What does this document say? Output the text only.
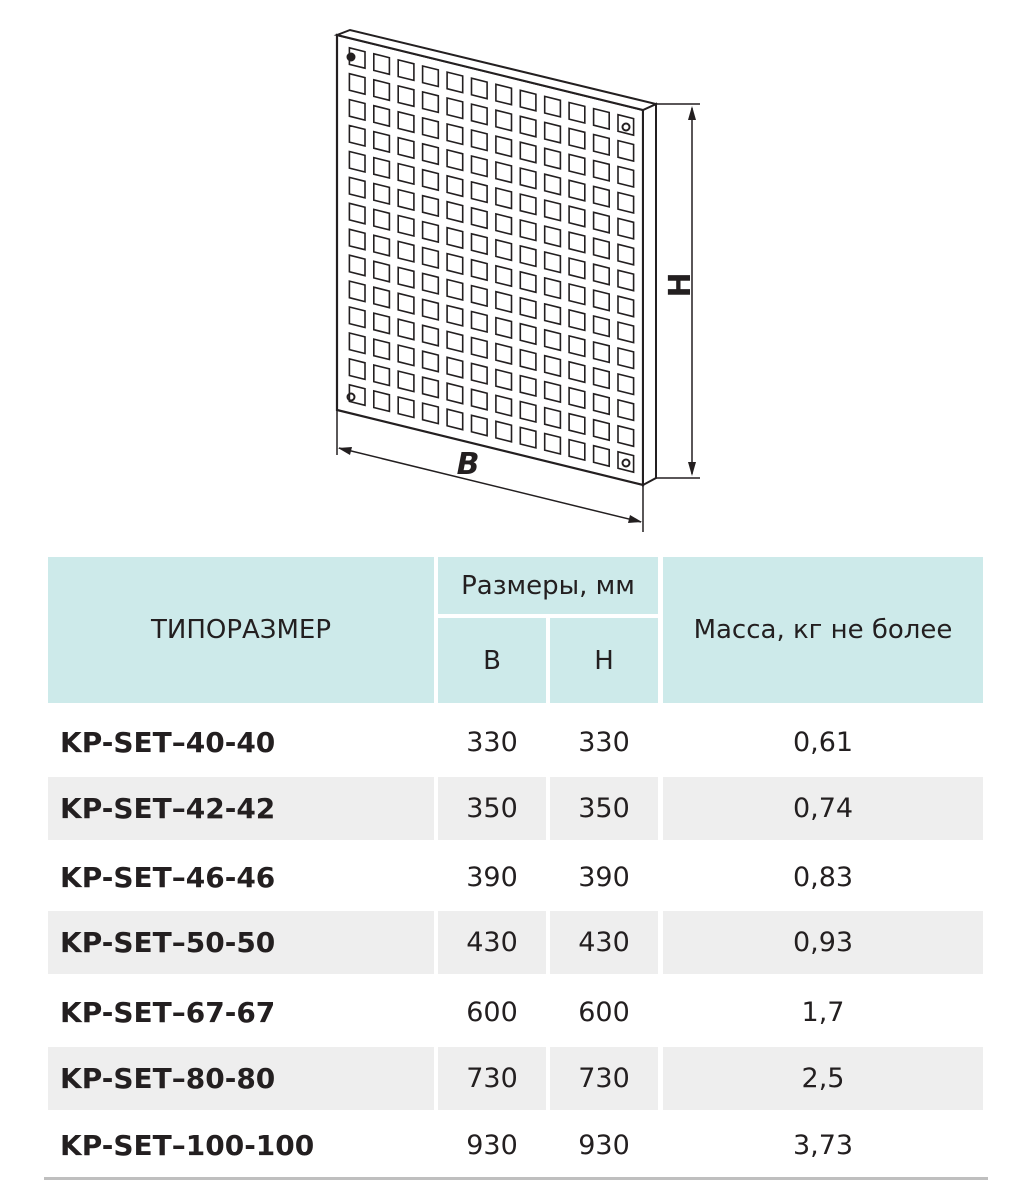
H
B
ТИПОРАЗМЕР
Размеры, мм
B	H
Масса, кг не более
KP-SET–40-40	330	330	0,61
KP-SET–42-42	350	350	0,74
KP-SET–46-46	390	390	0,83
KP-SET–50-50	430	430	0,93
KP-SET–67-67	600	600	1,7
KP-SET–80-80	730	730	2,5
KP-SET–100-100	930	930	3,73
